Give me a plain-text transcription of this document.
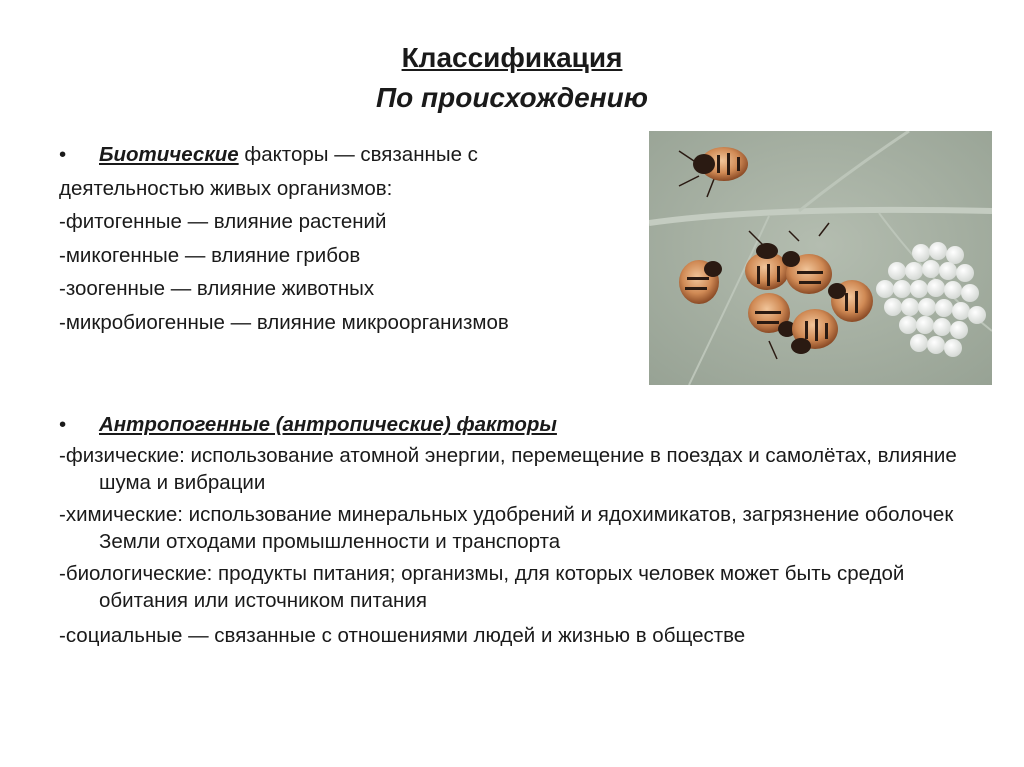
Классификация
По происхождению
• Биотические факторы — связанные с
деятельностью живых организмов:
-фитогенные — влияние растений
-микогенные — влияние грибов
-зоогенные — влияние животных
-микробиогенные — влияние микроорганизмов
• Антропогенные (антропические) факторы
-физические: использование атомной энергии, перемещение в поездах и самолётах, влияние шума и вибрации
-химические: использование минеральных удобрений и ядохимикатов, загрязнение оболочек Земли отходами промышленности и транспорта
-биологические: продукты питания; организмы, для которых человек может быть средой обитания или источником питания
-социальные — связанные с отношениями людей и жизнью в обществе
